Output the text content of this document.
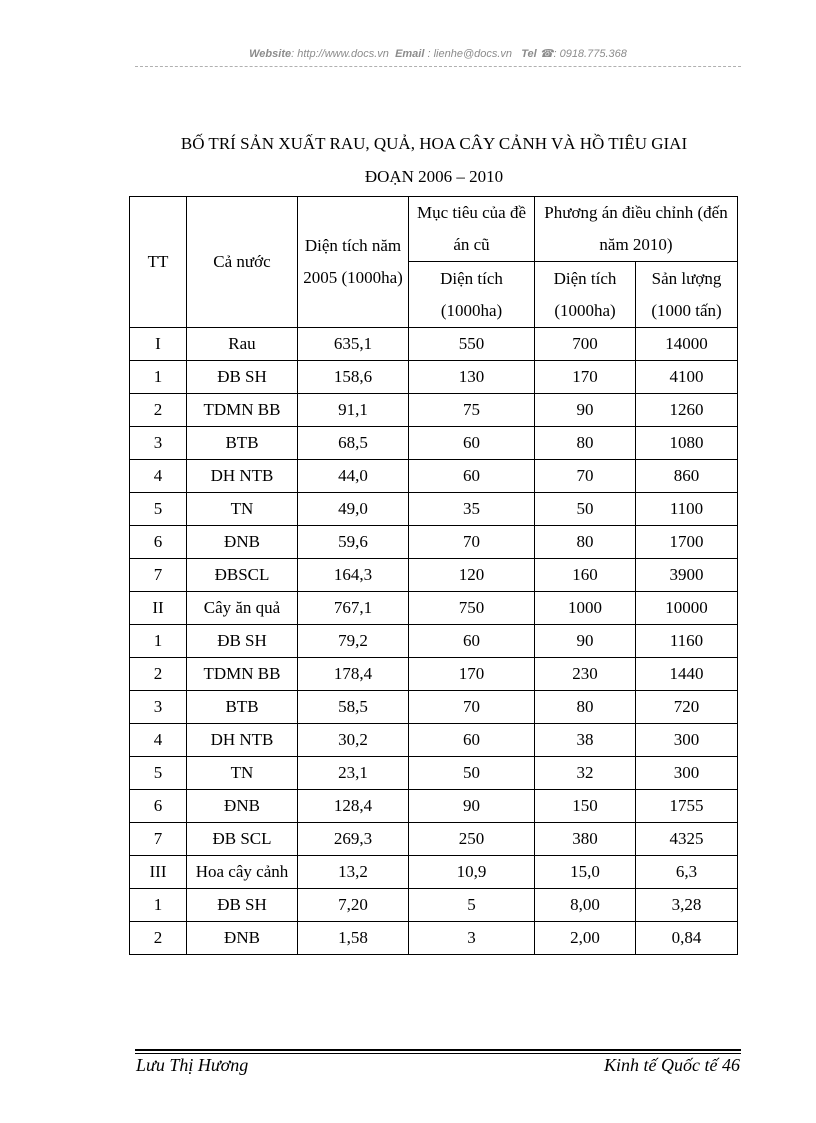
Website: http://www.docs.vn Email : lienhe@docs.vn Tel ☎: 0918.775.368
BỐ TRÍ SẢN XUẤT RAU, QUẢ, HOA CÂY CẢNH VÀ HỒ TIÊU GIAI
ĐOẠN 2006 – 2010
TT	Cả nước	Diện tích năm 2005 (1000ha)	Mục tiêu của đề án cũ	Phương án điều chỉnh (đến năm 2010)	
			Diện tích (1000ha)	Diện tích (1000ha)	Sản lượng (1000 tấn)
I	Rau	635,1	550	700	14000
1	ĐB SH	158,6	130	170	4100
2	TDMN BB	91,1	75	90	1260
3	BTB	68,5	60	80	1080
4	DH NTB	44,0	60	70	860
5	TN	49,0	35	50	1100
6	ĐNB	59,6	70	80	1700
7	ĐBSCL	164,3	120	160	3900
II	Cây ăn quả	767,1	750	1000	10000
1	ĐB SH	79,2	60	90	1160
2	TDMN BB	178,4	170	230	1440
3	BTB	58,5	70	80	720
4	DH NTB	30,2	60	38	300
5	TN	23,1	50	32	300
6	ĐNB	128,4	90	150	1755
7	ĐB SCL	269,3	250	380	4325
III	Hoa cây cảnh	13,2	10,9	15,0	6,3
1	ĐB SH	7,20	5	8,00	3,28
2	ĐNB	1,58	3	2,00	0,84
Lưu Thị Hương	Kinh tế Quốc tế 46
